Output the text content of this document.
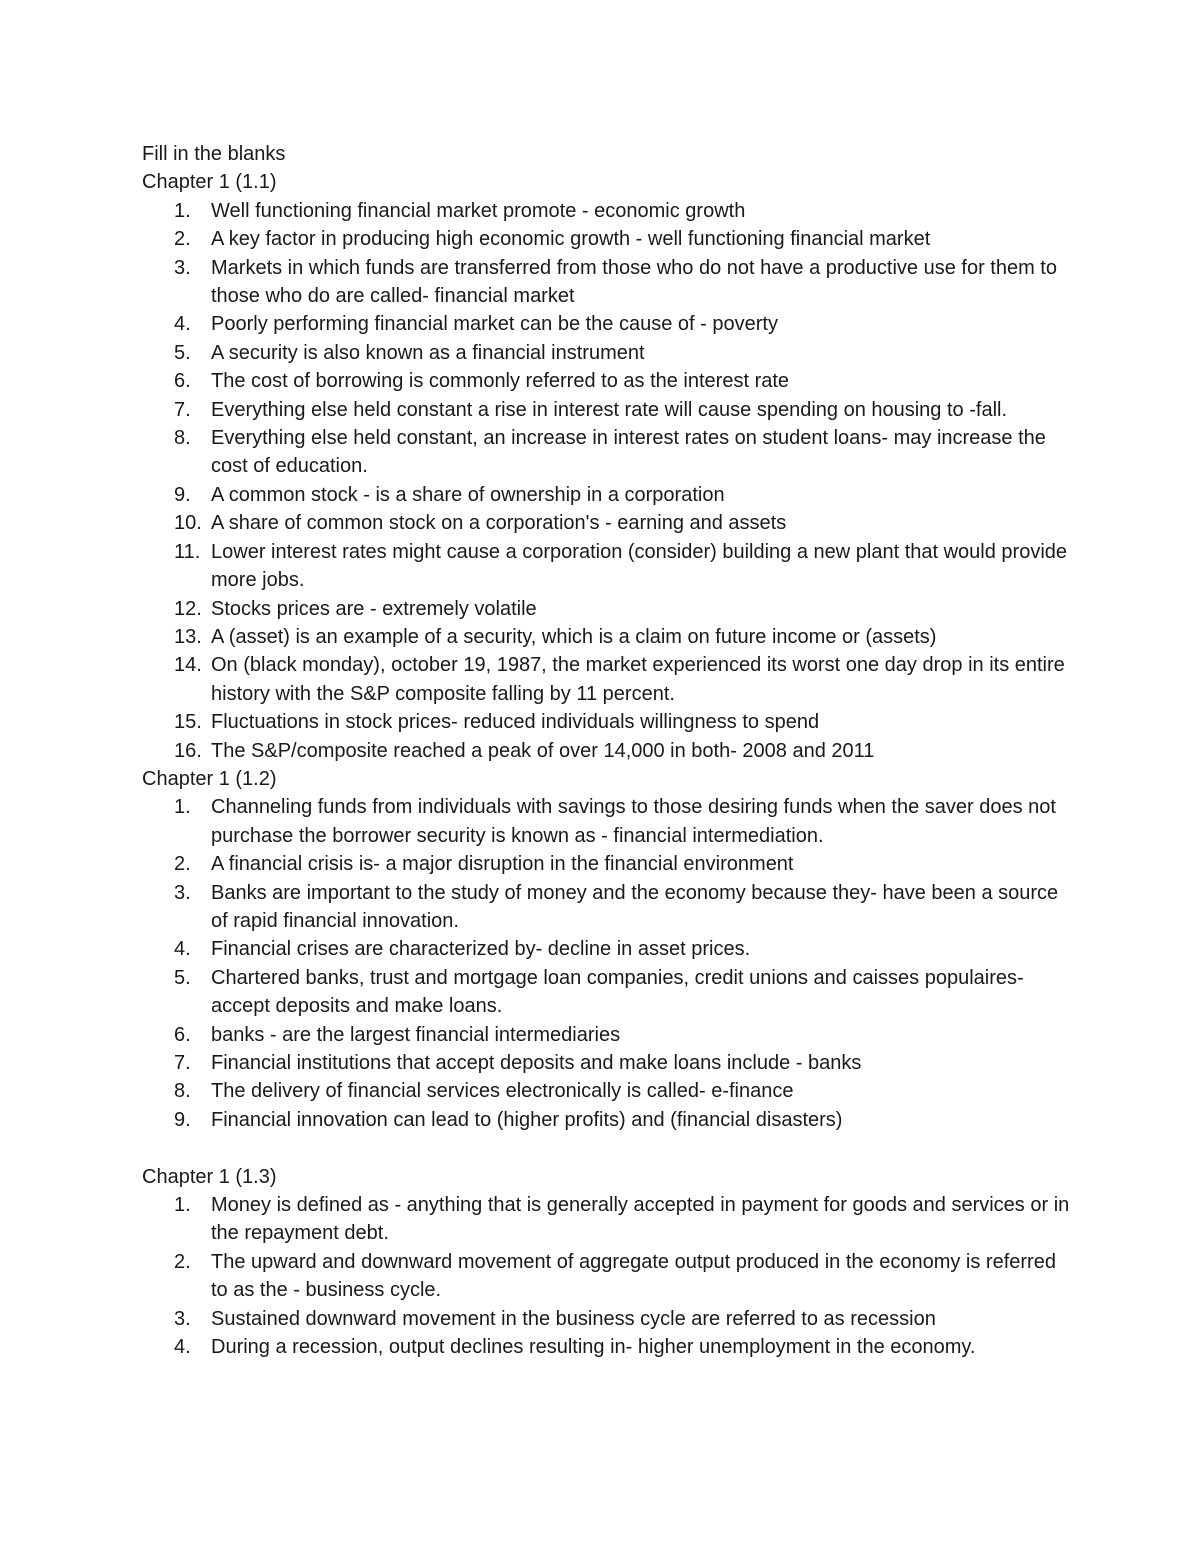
Fill in the blanks
Chapter 1 (1.1)
1.	Well functioning financial market promote - economic growth
2.	A key factor in producing high economic growth - well functioning financial market
3.	Markets in which funds are transferred from those who do not have a productive use for them to those who do are called- financial market
4.	Poorly performing financial market can be the cause of - poverty
5.	A security is also known as a financial instrument
6.	The cost of borrowing is commonly referred to as the interest rate
7.	Everything else held constant a rise in interest rate will cause spending on housing to -fall.
8.	Everything else held constant, an increase in interest rates on student loans- may increase the cost of education.
9.	A common stock - is a share of ownership in a corporation
10. A share of common stock on a corporation's - earning and assets
11. Lower interest rates might cause a corporation (consider) building a new plant that would provide more jobs.
12. Stocks prices are - extremely volatile
13. A (asset) is an example of a security, which is a claim on future income or (assets)
14. On (black monday), october 19, 1987, the market experienced its worst one day drop in its entire history with the S&P composite falling by 11 percent.
15. Fluctuations in stock prices- reduced individuals willingness to spend
16. The S&P/composite reached a peak of over 14,000 in both- 2008 and 2011
Chapter 1 (1.2)
1.	Channeling funds from individuals with savings to those desiring funds when the saver does not purchase the borrower security is known as - financial intermediation.
2.	A financial crisis is- a major disruption in the financial environment
3.	Banks are important to the study of money and the economy because they- have been a source of rapid financial innovation.
4.	Financial crises are characterized by- decline in asset prices.
5.	Chartered banks, trust and mortgage loan companies, credit unions and caisses populaires- accept deposits and make loans.
6.	banks - are the largest financial intermediaries
7.	Financial institutions that accept deposits and make loans include - banks
8.	The delivery of financial services electronically is called- e-finance
9.	Financial innovation can lead to (higher profits) and (financial disasters)
Chapter 1 (1.3)
1.	Money is defined as - anything that is generally accepted in payment for goods and services or in the repayment debt.
2.	The upward and downward movement of aggregate output produced in the economy is referred to as the - business cycle.
3.	Sustained downward movement in the business cycle are referred to as recession
4.	During a recession, output declines resulting in- higher unemployment in the economy.
